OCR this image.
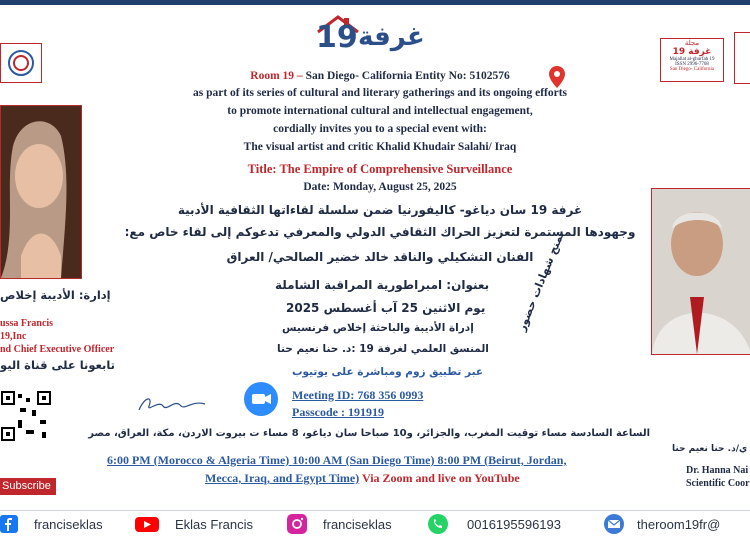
19 غرفة	مجلة
غرفة 19
Majallat al-ghurfah 19
ISSN 2996-7708
San Diego- California
Room 19 – San Diego- California Entity No: 5102576
as part of its series of cultural and literary gatherings and its ongoing efforts
to promote international cultural and intellectual engagement,
cordially invites you to a special event with:
The visual artist and critic Khalid Khudair Salahi/ Iraq
Title: The Empire of Comprehensive Surveillance
Date: Monday, August 25, 2025
غرفة 19 سان دياغو- كاليفورنيا ضمن سلسلة لقاءاتها الثقافية الأدبية
وجهودها المستمرة لتعزيز الحراك الثقافي الدولي والمعرفي تدعوكم إلى لقاء خاص مع:
الفنان التشكيلي والناقد خالد خضير الصالحي/ العراق
بعنوان: امبراطورية المراقبة الشاملة
يوم الاثنين 25 آب أغسطس 2025
إدراة الأديبة والباحثة إخلاص فرنسيس
المنسق العلمي لغرفة 19 :د. حنا نعيم حنا
عبر تطبيق زوم ومباشرة على يوتيوب
تمنح شهادات حضور
Meeting ID: 768 356 0993
Passcode : 191919
الساعة السادسة مساء توقيت المغرب، والجزائر، و10 صباحا سان دياغو، 8 مساء ت بيروت الاردن، مكة، العراق، مصر
6:00 PM (Morocco & Algeria Time) 10:00 AM (San Diego Time) 8:00 PM (Beirut, Jordan,
Mecca, Iraq, and Egypt Time) Via Zoom and live on YouTube
إدارة: الأديبة إخلاص
ussa Francis
19,Inc
nd Chief Executive Officer
تابعونا على قناة اليو
Subscribe
ي/د. حنا نعيم حنا
Dr. Hanna Nai
Scientific Coor
franciseklas	Eklas Francis	franciseklas	0016195596193	theroom19fr@
